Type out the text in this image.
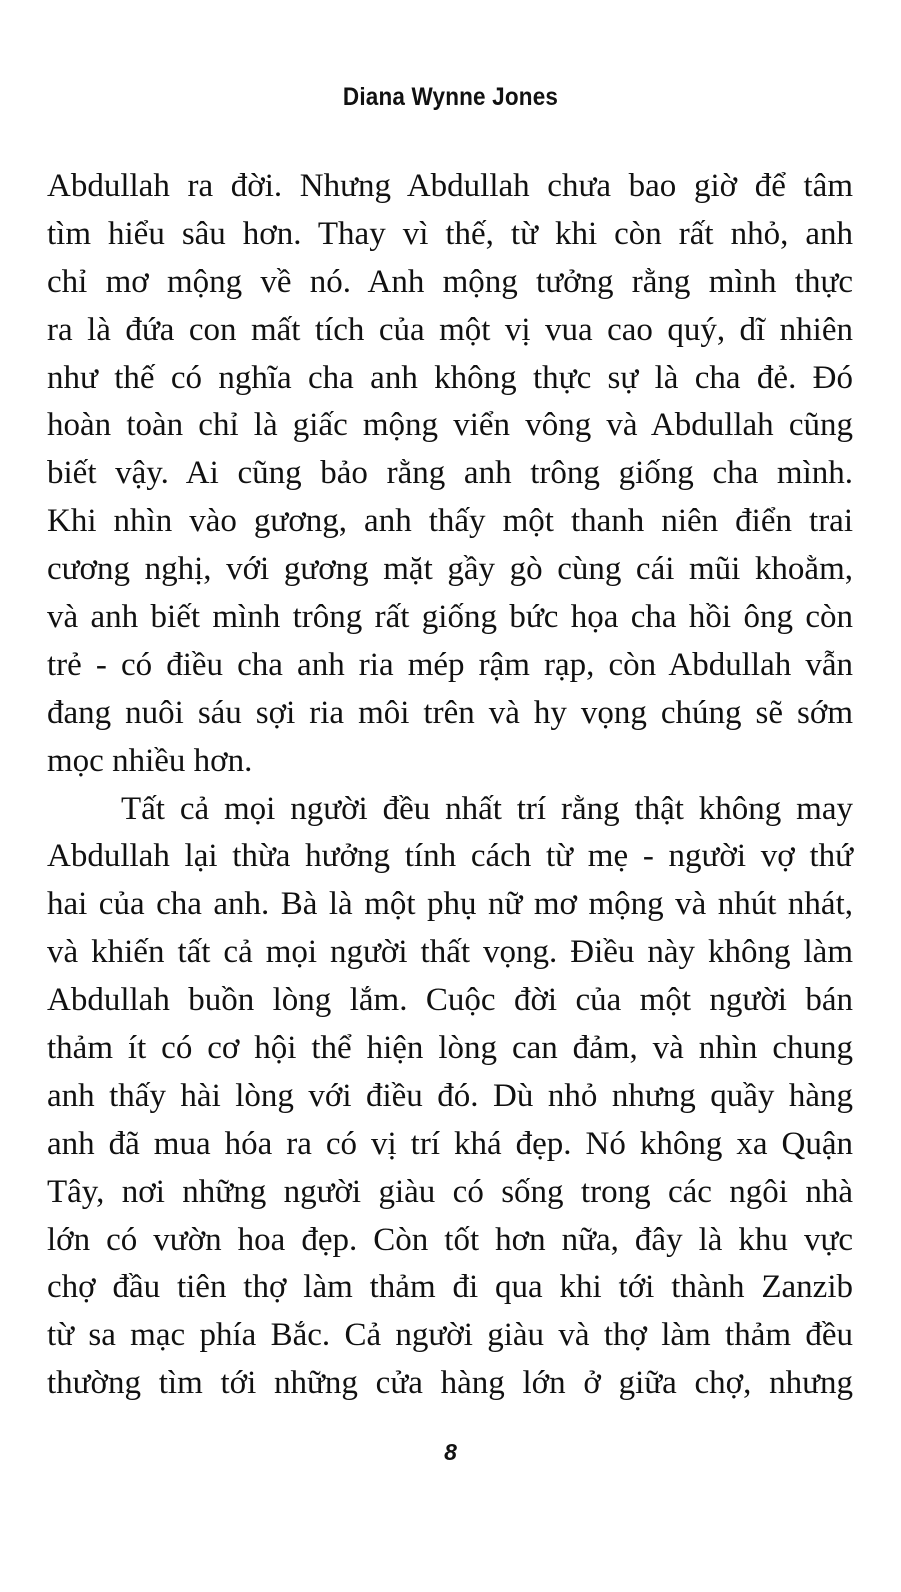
Diana Wynne Jones
Abdullah ra đời. Nhưng Abdullah chưa bao giờ để tâm
tìm hiểu sâu hơn. Thay vì thế, từ khi còn rất nhỏ, anh
chỉ mơ mộng về nó. Anh mộng tưởng rằng mình thực
ra là đứa con mất tích của một vị vua cao quý, dĩ nhiên
như thế có nghĩa cha anh không thực sự là cha đẻ. Đó
hoàn toàn chỉ là giấc mộng viển vông và Abdullah cũng
biết vậy. Ai cũng bảo rằng anh trông giống cha mình.
Khi nhìn vào gương, anh thấy một thanh niên điển trai
cương nghị, với gương mặt gầy gò cùng cái mũi khoằm,
và anh biết mình trông rất giống bức họa cha hồi ông còn
trẻ - có điều cha anh ria mép rậm rạp, còn Abdullah vẫn
đang nuôi sáu sợi ria môi trên và hy vọng chúng sẽ sớm
mọc nhiều hơn.
Tất cả mọi người đều nhất trí rằng thật không may
Abdullah lại thừa hưởng tính cách từ mẹ - người vợ thứ
hai của cha anh. Bà là một phụ nữ mơ mộng và nhút nhát,
và khiến tất cả mọi người thất vọng. Điều này không làm
Abdullah buồn lòng lắm. Cuộc đời của một người bán
thảm ít có cơ hội thể hiện lòng can đảm, và nhìn chung
anh thấy hài lòng với điều đó. Dù nhỏ nhưng quầy hàng
anh đã mua hóa ra có vị trí khá đẹp. Nó không xa Quận
Tây, nơi những người giàu có sống trong các ngôi nhà
lớn có vườn hoa đẹp. Còn tốt hơn nữa, đây là khu vực
chợ đầu tiên thợ làm thảm đi qua khi tới thành Zanzib
từ sa mạc phía Bắc. Cả người giàu và thợ làm thảm đều
thường tìm tới những cửa hàng lớn ở giữa chợ, nhưng
8
